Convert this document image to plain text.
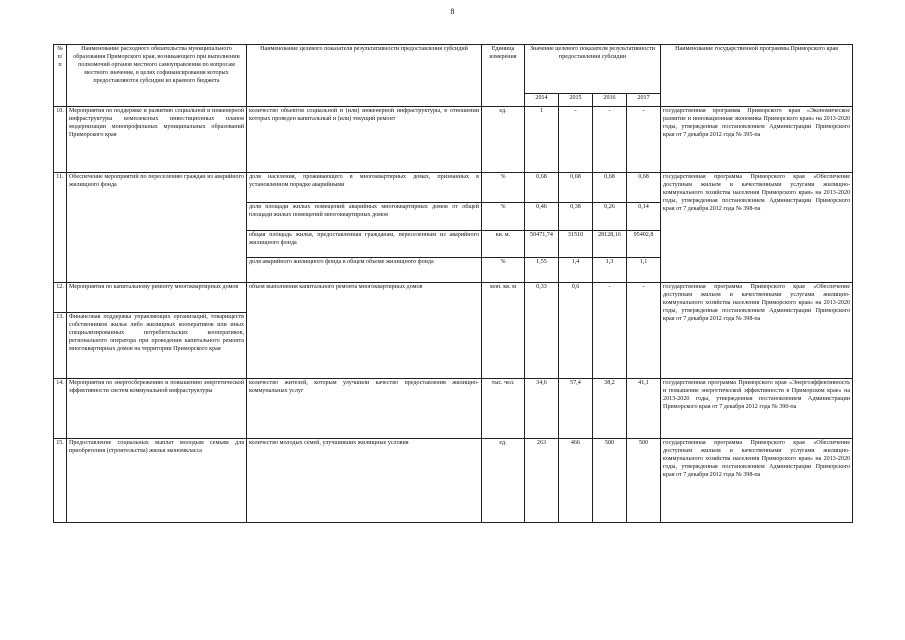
8
№
п/п	Наименование расходного обязательства муниципального образования Приморского края, возникающего при выполнении полномочий органов местного самоуправления по вопросам местного значения, в целях софинансирования которых предоставляются субсидии из краевого бюджета	Наименование целевого показателя результативности предоставления субсидий	Единица измерения	Значение целевого показателя результативности предоставления субсидии				Наименование государственной программы Приморского края
				2014	2015	2016	2017	
10.	Мероприятия по поддержке и развитию социальной и инженерной инфраструктуры комплексных инвестиционных планов модернизации монопрофильных муниципальных образований Приморского края	количество объектов социальной и (или) инженерной инфраструктуры, в отношении которых проведен капитальный и (или) текущий ремонт	ед.	1	-	-	-	государственная программа Приморского края «Экономическое развитие и инновационная экономика Приморского края» на 2013-2020 годы, утвержденная постановлением Администрации Приморского края от 7 декабря 2012 года № 395-па
11.	Обеспечение мероприятий по переселению граждан из аварийного жилищного фонда	доля населения, проживающего в многоквартирных домах, признанных в установленном порядке аварийными	%	0,68	0,68	0,68	0,68	государственная программа Приморского края «Обеспечение доступным жильем и качественными услугами жилищно-коммунального хозяйства населения Приморского края» на 2013-2020 годы, утвержденная постановлением Администрации Приморского края от 7 декабря 2012 года № 398-па
		доля площади жилых помещений аварийных многоквартирных домов от общей площади жилых помещений многоквартирных домов	%	0,46	0,38	0,26	0,14	
		общая площадь жилья, предоставленная гражданам, переселенным из аварийного жилищного фонда	кв. м.	50471,74	31510	28128,16	95402,8	
		доля аварийного жилищного фонда в общем объеме жилищного фонда	%	1,55	1,4	1,3	1,1	
12.	Мероприятия по капитальному ремонту многоквартирных домов	объем выполнения капитального ремонта многоквартирных домов	млн. кв. м	0,33	0,6	-	-	государственная программа Приморского края «Обеспечение доступным жильем и качественными услугами жилищно-коммунального хозяйства населения Приморского края» на 2013-2020 годы, утвержденная постановлением Администрации Приморского края от 7 декабря 2012 года № 398-па
13.	Финансовая поддержка управляющих организаций, товариществ собственников жилья либо жилищных кооперативов или иных специализированных потребительских кооперативов, регионального оператора при проведении капитального ремонта многоквартирных домов на территории Приморского края							
14.	Мероприятия по энергосбережению и повышению энергетической эффективности систем коммунальной инфраструктуры	количество жителей, которым улучшили качество предоставления жилищно-коммунальных услуг	тыс. чел.	34,6	57,4	38,2	41,1	государственная программа Приморского края «Энергоэффективность и повышение энергетической эффективности в Приморском крае» на 2013-2020 годы, утвержденная постановлением Администрации Приморского края от 7 декабря 2012 года № 390-па
15.	Предоставление социальных выплат молодым семьям для приобретения (строительства) жилья экономкласса	количество молодых семей, улучшивших жилищные условия	ед.	263	466	500	500	государственная программа Приморского края «Обеспечение доступным жильем и качественными услугами жилищно-коммунального хозяйства населения Приморского края» на 2013-2020 годы, утвержденная постановлением Администрации Приморского края от 7 декабря 2012 года № 398-па
